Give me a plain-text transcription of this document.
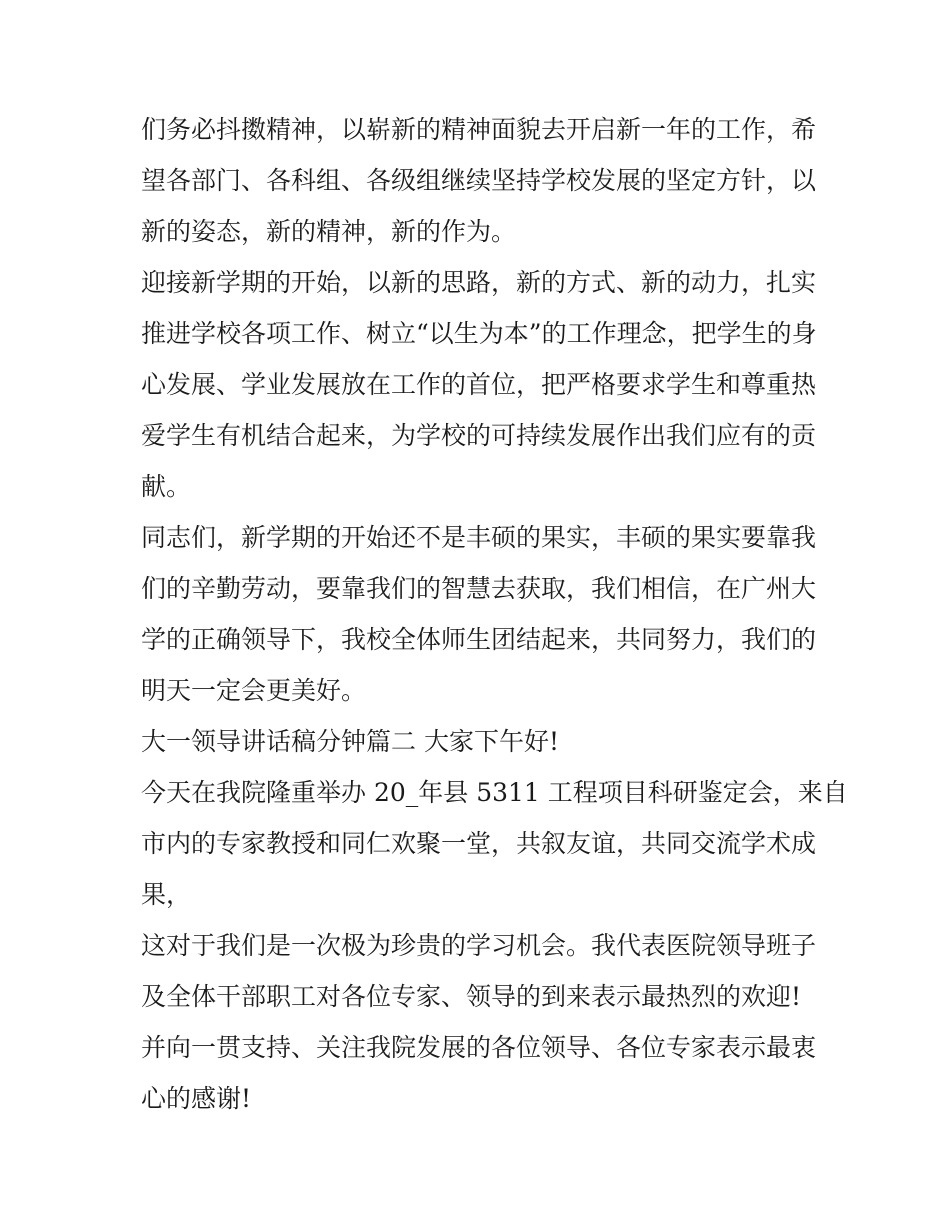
们务必抖擞精神，以崭新的精神面貌去开启新一年的工作，希
望各部门、各科组、各级组继续坚持学校发展的坚定方针，以
新的姿态，新的精神，新的作为。
迎接新学期的开始，以新的思路，新的方式、新的动力，扎实
推进学校各项工作、树立“以生为本”的工作理念，把学生的身
心发展、学业发展放在工作的首位，把严格要求学生和尊重热
爱学生有机结合起来，为学校的可持续发展作出我们应有的贡
献。
同志们，新学期的开始还不是丰硕的果实，丰硕的果实要靠我
们的辛勤劳动，要靠我们的智慧去获取，我们相信，在广州大
学的正确领导下，我校全体师生团结起来，共同努力，我们的
明天一定会更美好。
大一领导讲话稿分钟篇二 大家下午好!
今天在我院隆重举办 20_年县 5311 工程项目科研鉴定会，来自
市内的专家教授和同仁欢聚一堂，共叙友谊，共同交流学术成
果，
这对于我们是一次极为珍贵的学习机会。我代表医院领导班子
及全体干部职工对各位专家、领导的到来表示最热烈的欢迎!
并向一贯支持、关注我院发展的各位领导、各位专家表示最衷
心的感谢!
